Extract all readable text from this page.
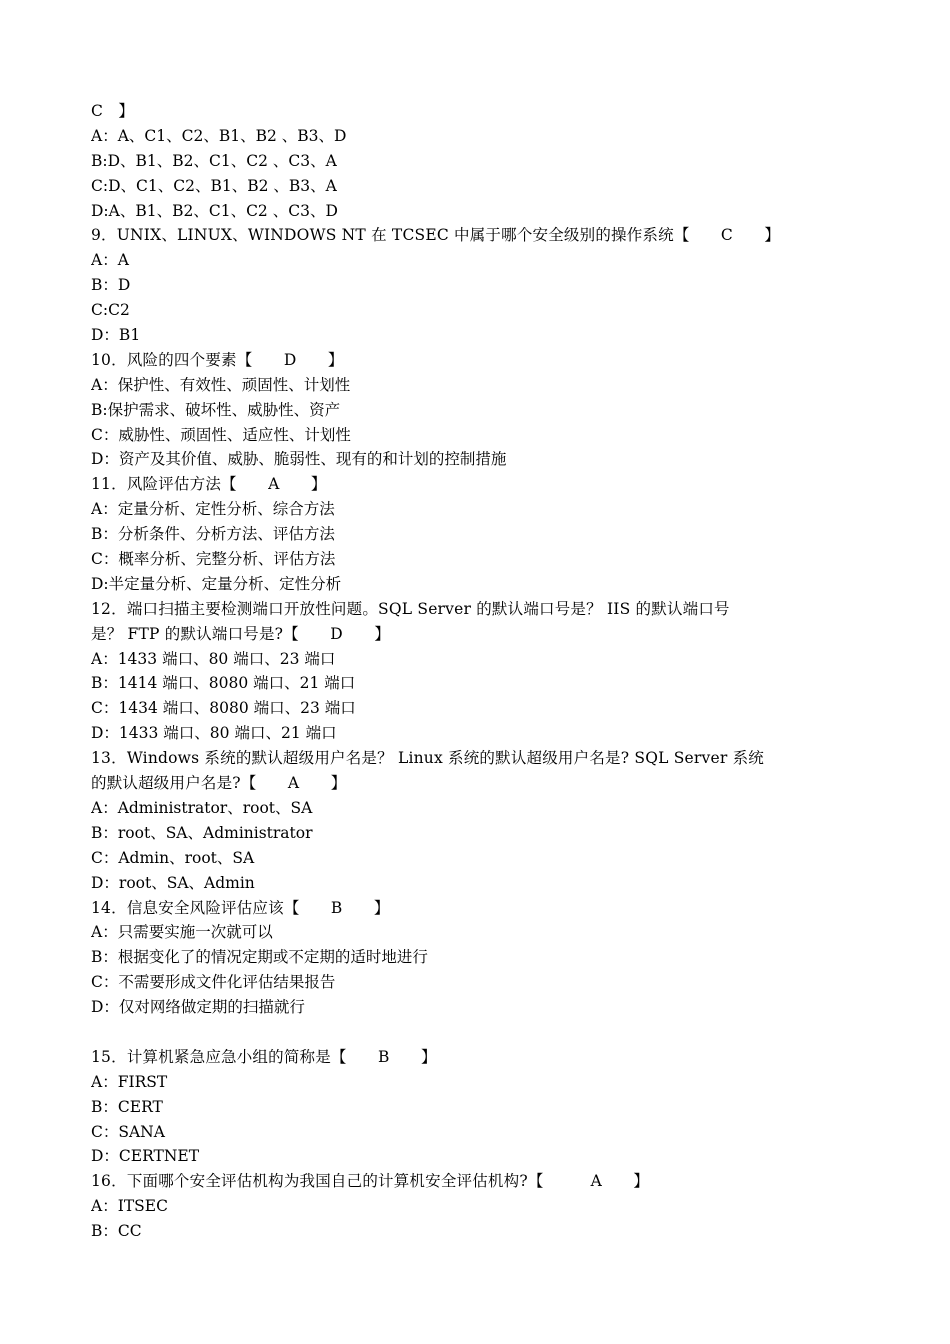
C　】
A：A、C1、C2、B1、B2 、B3、D
B:D、B1、B2、C1、C2 、C3、A
C:D、C1、C2、B1、B2 、B3、A
D:A、B1、B2、C1、C2 、C3、D
9．UNIX、LINUX、WINDOWS NT 在 TCSEC 中属于哪个安全级别的操作系统【　　C　　】
A：A
B：D
C:C2
D：B1
10．风险的四个要素【　　D　　】
A：保护性、有效性、顽固性、计划性
B:保护需求、破坏性、威胁性、资产
C：威胁性、顽固性、适应性、计划性
D：资产及其价值、威胁、脆弱性、现有的和计划的控制措施
11．风险评估方法【　　A　　】
A：定量分析、定性分析、综合方法
B：分析条件、分析方法、评估方法
C：概率分析、完整分析、评估方法
D:半定量分析、定量分析、定性分析
12．端口扫描主要检测端口开放性问题。SQL Server 的默认端口号是？ IIS 的默认端口号
是？ FTP 的默认端口号是?【　　D　　】
A：1433 端口、80 端口、23 端口
B：1414 端口、8080 端口、21 端口
C：1434 端口、8080 端口、23 端口
D：1433 端口、80 端口、21 端口
13．Windows 系统的默认超级用户名是？ Linux 系统的默认超级用户名是? SQL Server 系统
的默认超级用户名是?【　　A　　】
A：Administrator、root、SA
B：root、SA、Administrator
C：Admin、root、SA
D：root、SA、Admin
14．信息安全风险评估应该【　　B　　】
A：只需要实施一次就可以
B：根据变化了的情况定期或不定期的适时地进行
C：不需要形成文件化评估结果报告
D：仅对网络做定期的扫描就行
15．计算机紧急应急小组的简称是【　　B　　】
A：FIRST
B：CERT
C：SANA
D：CERTNET
16．下面哪个安全评估机构为我国自己的计算机安全评估机构?【　　　A　　】
A：ITSEC
B：CC
